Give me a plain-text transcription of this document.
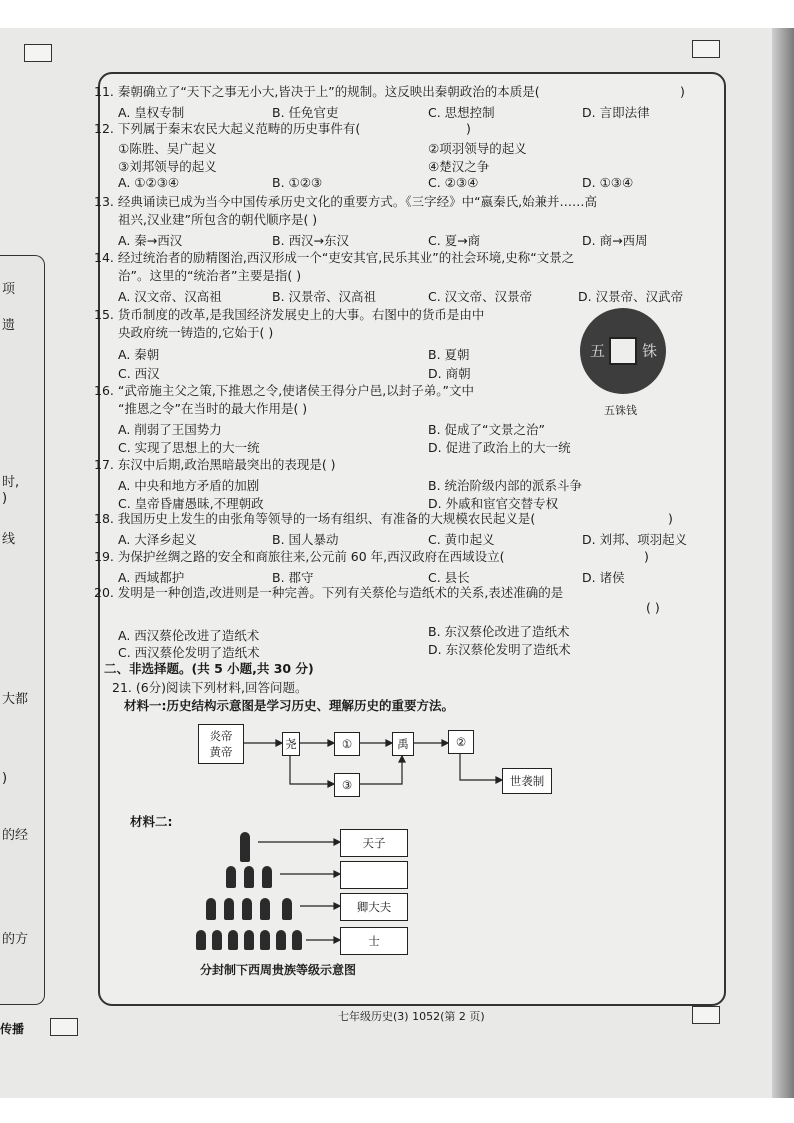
项
遗
时,
)
线
大都
)
的经
的方
传播
11. 秦朝确立了“天下之事无小大,皆决于上”的规制。这反映出秦朝政治的本质是(	)
A. 皇权专制	B. 任免官吏	C. 思想控制	D. 言即法律
12. 下列属于秦末农民大起义范畴的历史事件有(	)
①陈胜、吴广起义	②项羽领导的起义
③刘邦领导的起义	④楚汉之争
A. ①②③④	B. ①②③	C. ②③④	D. ①③④
13. 经典诵读已成为当今中国传承历史文化的重要方式。《三字经》中“嬴秦氏,始兼并……高
祖兴,汉业建”所包含的朝代顺序是( )
A. 秦→西汉	B. 西汉→东汉	C. 夏→商	D. 商→西周
14. 经过统治者的励精图治,西汉形成一个“吏安其官,民乐其业”的社会环境,史称“文景之
治”。这里的“统治者”主要是指( )
A. 汉文帝、汉高祖	B. 汉景帝、汉高祖	C. 汉文帝、汉景帝	D. 汉景帝、汉武帝
15. 货币制度的改革,是我国经济发展史上的大事。右图中的货币是由中
央政府统一铸造的,它始于( )
A. 秦朝	B. 夏朝
C. 西汉	D. 商朝
五 铢
五铢钱
16. “武帝施主父之策,下推恩之令,使诸侯王得分户邑,以封子弟。”文中
“推恩之令”在当时的最大作用是( )
A. 削弱了王国势力	B. 促成了“文景之治”
C. 实现了思想上的大一统	D. 促进了政治上的大一统
17. 东汉中后期,政治黑暗最突出的表现是( )
A. 中央和地方矛盾的加剧	B. 统治阶级内部的派系斗争
C. 皇帝昏庸愚昧,不理朝政	D. 外戚和宦官交替专权
18. 我国历史上发生的由张角等领导的一场有组织、有准备的大规模农民起义是(	)
A. 大泽乡起义	B. 国人暴动	C. 黄巾起义	D. 刘邦、项羽起义
19. 为保护丝绸之路的安全和商旅往来,公元前 60 年,西汉政府在西域设立(	)
A. 西域都护	B. 郡守	C. 县长	D. 诸侯
20. 发明是一种创造,改进则是一种完善。下列有关蔡伦与造纸术的关系,表述准确的是
( )
A. 西汉蔡伦改进了造纸术	B. 东汉蔡伦改进了造纸术
C. 西汉蔡伦发明了造纸术	D. 东汉蔡伦发明了造纸术
二、非选择题。(共 5 小题,共 30 分)
21. (6分)阅读下列材料,回答问题。
材料一:历史结构示意图是学习历史、理解历史的重要方法。
炎帝
黄帝
尧	①	禹	②
③	世袭制
材料二:
天子
卿大夫
士
分封制下西周贵族等级示意图
七年级历史(3) 1052(第 2 页)
